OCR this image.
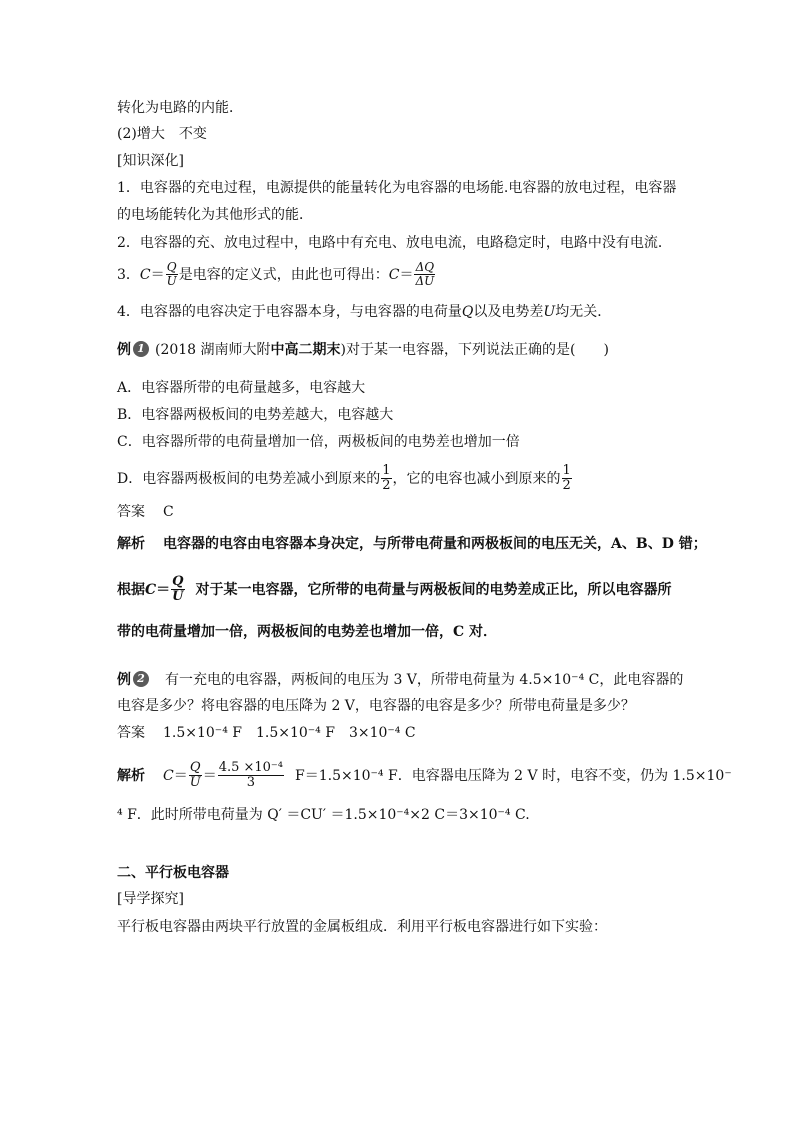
转化为电路的内能．
(2)增大　不变
[知识深化]
1．电容器的充电过程，电源提供的能量转化为电容器的电场能.电容器的放电过程，电容器
的电场能转化为其他形式的能．
2．电容器的充、放电过程中，电路中有充电、放电电流，电路稳定时，电路中没有电流．
3．$C= \frac{Q}{U}$ 是电容的定义式，由此也可得出：$C= \frac{\Delta Q}{\Delta U}$
4．电容器的电容决定于电容器本身，与电容器的电荷量Q以及电势差U均无关．
例 1 (2018 湖南师大附中高二期末)对于某一电容器，下列说法正确的是(　　)
A．电容器所带的电荷量越多，电容越大
B．电容器两极板间的电势差越大，电容越大
C．电容器所带的电荷量增加一倍，两极板间的电势差也增加一倍
D．电容器两极板间的电势差减小到原来的 $\frac{1}{2}$ ，它的电容也减小到原来的 $\frac{1}{2}$
答案 C
解析 电容器的电容由电容器本身决定，与所带电荷量和两极板间的电压无关，A、B、D 错；
根据$C= \frac{Q}{U}$ 对于某一电容器，它所带的电荷量与两极板间的电势差成正比，所以电容器所
带的电荷量增加一倍，两极板间的电势差也增加一倍，C 对．
例 2 有一充电的电容器，两板间的电压为 3 V，所带电荷量为 4.5×10⁻⁴ C，此电容器的
电容是多少？将电容器的电压降为 2 V，电容器的电容是多少？所带电荷量是多少？
答案 1.5×10⁻⁴ F　1.5×10⁻⁴ F　3×10⁻⁴ C
解析 $C= \frac{Q}{U} = \frac{\text{4.5 ×10⁻⁴}}{3} F=1.5\times 10^{-4}$ F．电容器电压降为 2 V 时，电容不变，仍为 1.5×10⁻
⁴ F．此时所带电荷量为 Q′ ＝CU′ ＝1.5×10⁻⁴×2 C＝3×10⁻⁴ C.
二、平行板电容器
[导学探究]
平行板电容器由两块平行放置的金属板组成．利用平行板电容器进行如下实验：
